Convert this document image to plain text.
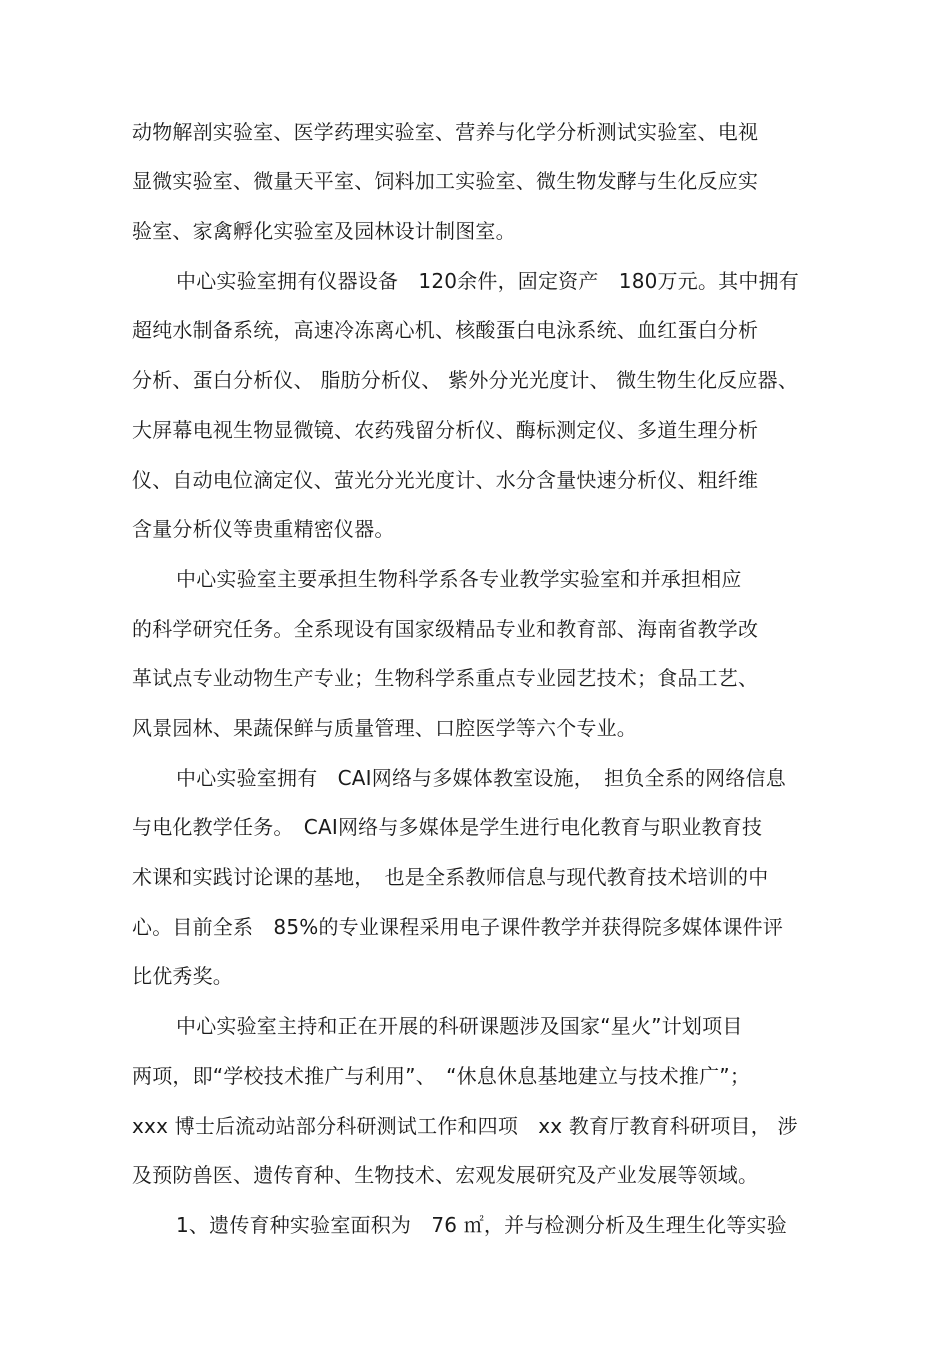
动物解剖实验室、医学药理实验室、营养与化学分析测试实验室、电视
显微实验室、微量天平室、饲料加工实验室、微生物发酵与生化反应实
验室、家禽孵化实验室及园林设计制图室。
中心实验室拥有仪器设备　120余件，固定资产　180万元。其中拥有
超纯水制备系统，高速冷冻离心机、核酸蛋白电泳系统、血红蛋白分析
分析、蛋白分析仪、 脂肪分析仪、 紫外分光光度计、 微生物生化反应器、
大屏幕电视生物显微镜、农药残留分析仪、酶标测定仪、多道生理分析
仪、自动电位滴定仪、萤光分光光度计、水分含量快速分析仪、粗纤维
含量分析仪等贵重精密仪器。
中心实验室主要承担生物科学系各专业教学实验室和并承担相应
的科学研究任务。全系现设有国家级精品专业和教育部、海南省教学改
革试点专业动物生产专业；生物科学系重点专业园艺技术；食品工艺、
风景园林、果蔬保鲜与质量管理、口腔医学等六个专业。
中心实验室拥有　CAI网络与多媒体教室设施，　担负全系的网络信息
与电化教学任务。　CAI网络与多媒体是学生进行电化教育与职业教育技
术课和实践讨论课的基地，　也是全系教师信息与现代教育技术培训的中
心。目前全系　85%的专业课程采用电子课件教学并获得院多媒体课件评
比优秀奖。
中心实验室主持和正在开展的科研课题涉及国家“星火”计划项目
两项，即“学校技术推广与利用”、　“休息休息基地建立与技术推广”；
xxx 博士后流动站部分科研测试工作和四项　xx 教育厅教育科研项目， 涉
及预防兽医、遗传育种、生物技术、宏观发展研究及产业发展等领域。
1、遗传育种实验室面积为　76 ㎡，并与检测分析及生理生化等实验
